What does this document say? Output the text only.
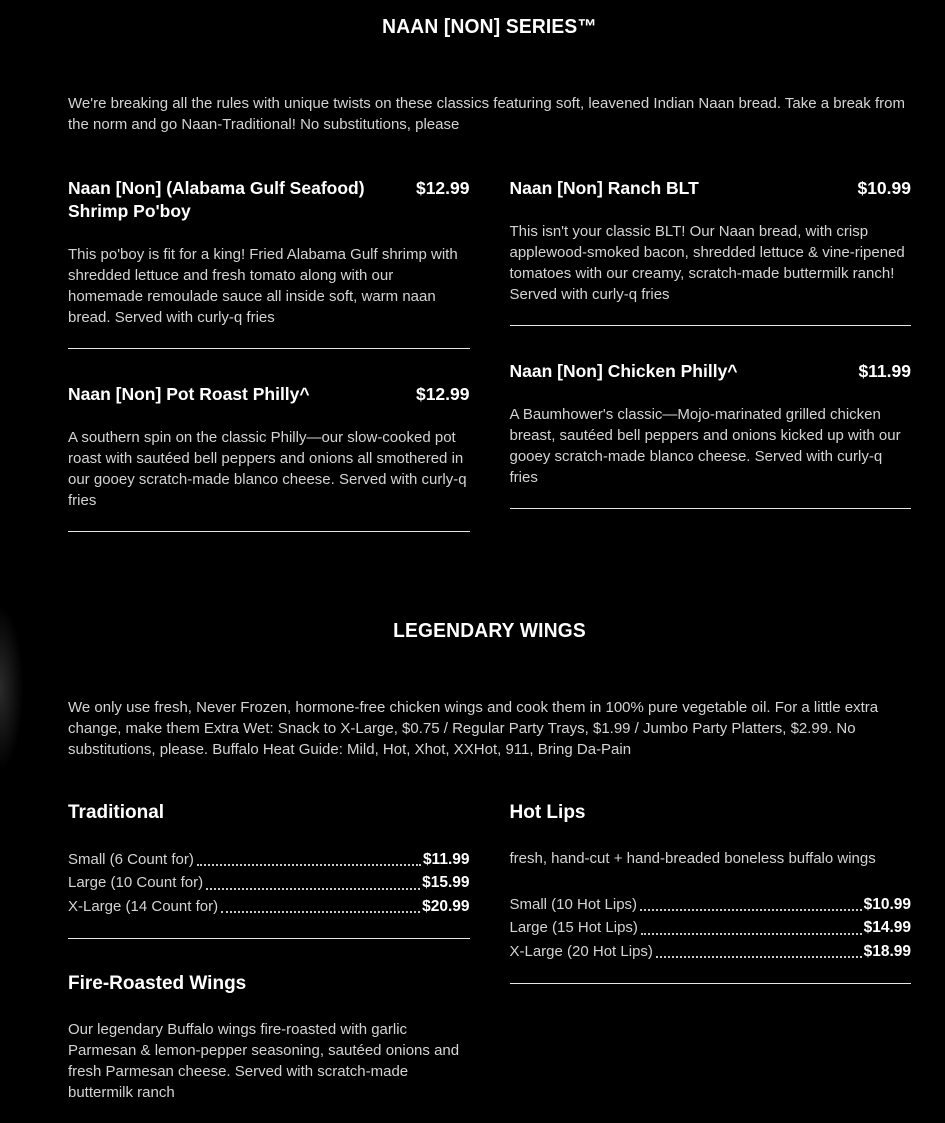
NAAN [NON] SERIES™

We're breaking all the rules with unique twists on these classics featuring soft, leavened Indian Naan bread. Take a break from the norm and go Naan-Traditional! No substitutions, please

Naan [Non] (Alabama Gulf Seafood) Shrimp Po'boy
$12.99

This po'boy is fit for a king! Fried Alabama Gulf shrimp with shredded lettuce and fresh tomato along with our homemade remoulade sauce all inside soft, warm naan bread. Served with curly-q fries

Naan [Non] Pot Roast Philly^	$12.99

A southern spin on the classic Philly—our slow-cooked pot roast with sautéed bell peppers and onions all smothered in our gooey scratch-made blanco cheese. Served with curly-q fries

Naan [Non] Ranch BLT	$10.99

This isn't your classic BLT! Our Naan bread, with crisp applewood-smoked bacon, shredded lettuce & vine-ripened tomatoes with our creamy, scratch-made buttermilk ranch! Served with curly-q fries

Naan [Non] Chicken Philly^	$11.99

A Baumhower's classic—Mojo-marinated grilled chicken breast, sautéed bell peppers and onions kicked up with our gooey scratch-made blanco cheese. Served with curly-q fries

LEGENDARY WINGS

We only use fresh, Never Frozen, hormone-free chicken wings and cook them in 100% pure vegetable oil. For a little extra change, make them Extra Wet: Snack to X-Large, $0.75 / Regular Party Trays, $1.99 / Jumbo Party Platters, $2.99. No substitutions, please. Buffalo Heat Guide: Mild, Hot, Xhot, XXHot, 911, Bring Da-Pain

Traditional
Small (6 Count for)	$11.99
Large (10 Count for)	$15.99
X-Large (14 Count for)	$20.99
Fire-Roasted Wings

Our legendary Buffalo wings fire-roasted with garlic Parmesan & lemon-pepper seasoning, sautéed onions and fresh Parmesan cheese. Served with scratch-made buttermilk ranch

Hot Lips

fresh, hand-cut + hand-breaded boneless buffalo wings

Small (10 Hot Lips)	$10.99
Large (15 Hot Lips)	$14.99
X-Large (20 Hot Lips)	$18.99
